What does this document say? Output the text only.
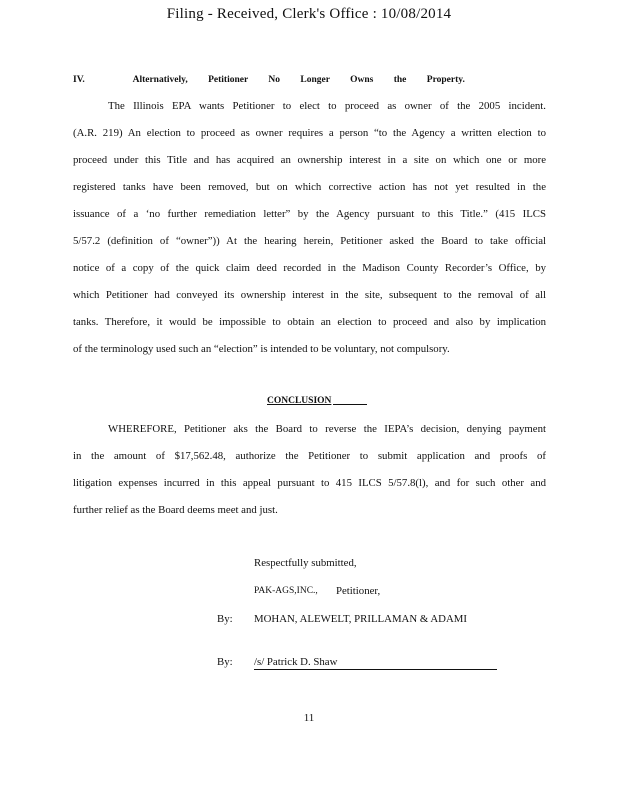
Filing - Received, Clerk's Office : 10/08/2014
IV.	Alternatively, Petitioner No Longer Owns the Property.
The Illinois EPA wants Petitioner to elect to proceed as owner of the 2005 incident.
(A.R. 219) An election to proceed as owner requires a person “to the Agency a written election to
proceed under this Title and has acquired an ownership interest in a site on which one or more
registered tanks have been removed, but on which corrective action has not yet resulted in the
issuance of a ‘no further remediation letter” by the Agency pursuant to this Title.” (415 ILCS
5/57.2 (definition of “owner”)) At the hearing herein, Petitioner asked the Board to take official
notice of a copy of the quick claim deed recorded in the Madison County Recorder’s Office, by
which Petitioner had conveyed its ownership interest in the site, subsequent to the removal of all
tanks. Therefore, it would be impossible to obtain an election to proceed and also by implication
of the terminology used such an “election” is intended to be voluntary, not compulsory.
CONCLUSION
WHEREFORE, Petitioner aks the Board to reverse the IEPA’s decision, denying payment
in the amount of $17,562.48, authorize the Petitioner to submit application and proofs of
litigation expenses incurred in this appeal pursuant to 415 ILCS 5/57.8(l), and for such other and
further relief as the Board deems meet and just.
Respectfully submitted,
PAK-AGS,INC., Petitioner,
By: MOHAN, ALEWELT, PRILLAMAN & ADAMI
By: /s/ Patrick D. Shaw
11
